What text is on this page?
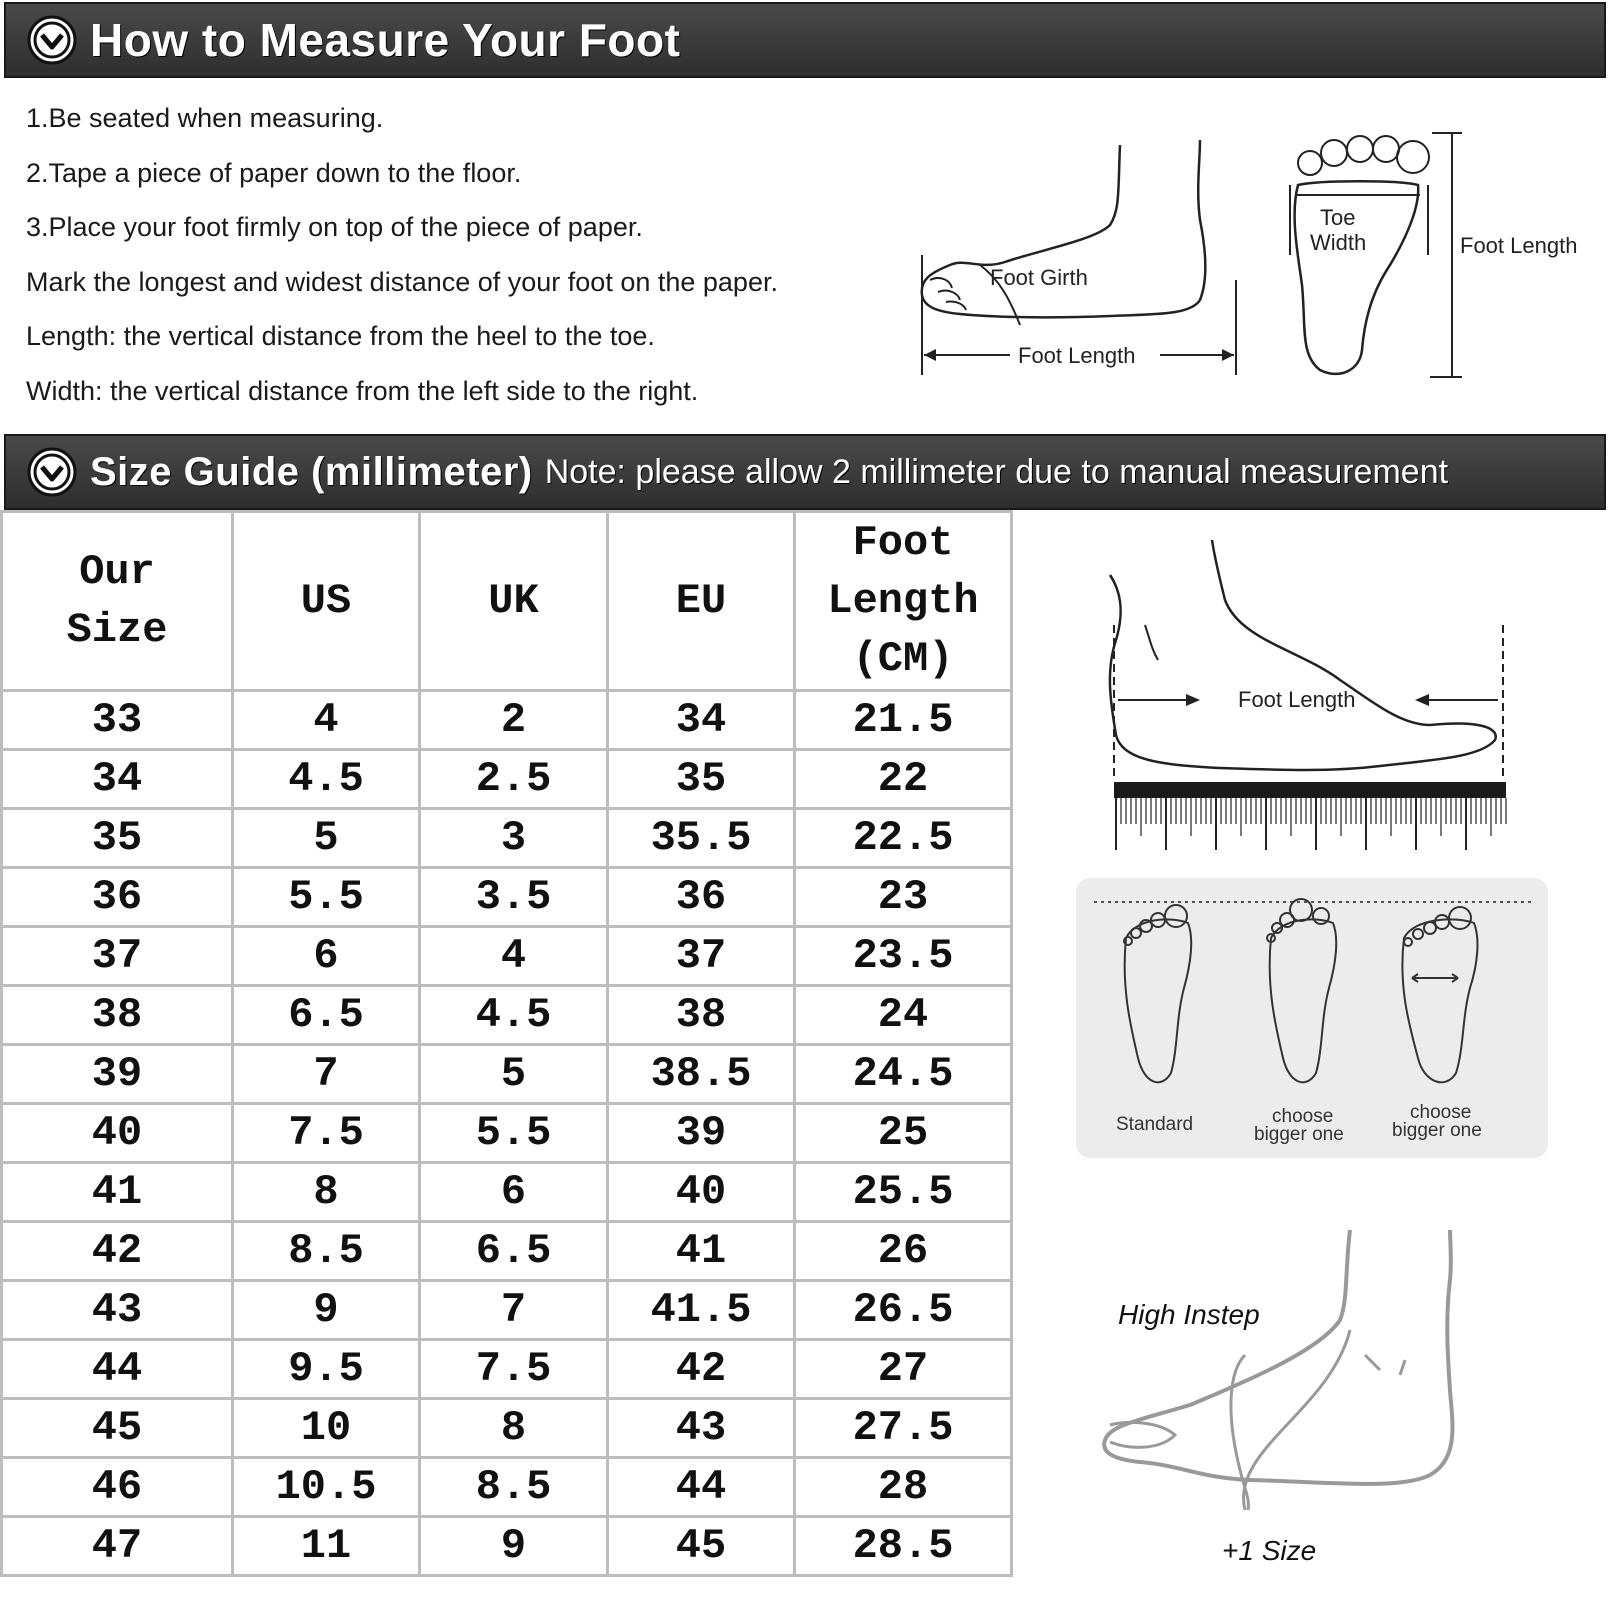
How to Measure Your Foot
1.Be seated when measuring.
2.Tape a piece of paper down to the floor.
3.Place your foot firmly on top of the piece of paper.
Mark the longest and widest distance of your foot on the paper.
Length: the vertical distance from the heel to the toe.
Width: the vertical distance from the left side to the right.
Foot Girth
Foot Length
Toe
Width	Foot Length
Size Guide (millimeter) Note: please allow 2 millimeter due to manual measurement
Our
Size	US	UK	EU	Foot
Length
(CM)
33	4	2	34	21.5
34	4.5	2.5	35	22
35	5	3	35.5	22.5
36	5.5	3.5	36	23
37	6	4	37	23.5
38	6.5	4.5	38	24
39	7	5	38.5	24.5
40	7.5	5.5	39	25
41	8	6	40	25.5
42	8.5	6.5	41	26
43	9	7	41.5	26.5
44	9.5	7.5	42	27
45	10	8	43	27.5
46	10.5	8.5	44	28
47	11	9	45	28.5
Foot Length
Standard	choose
bigger one
choose
bigger one
High Instep
+1 Size
